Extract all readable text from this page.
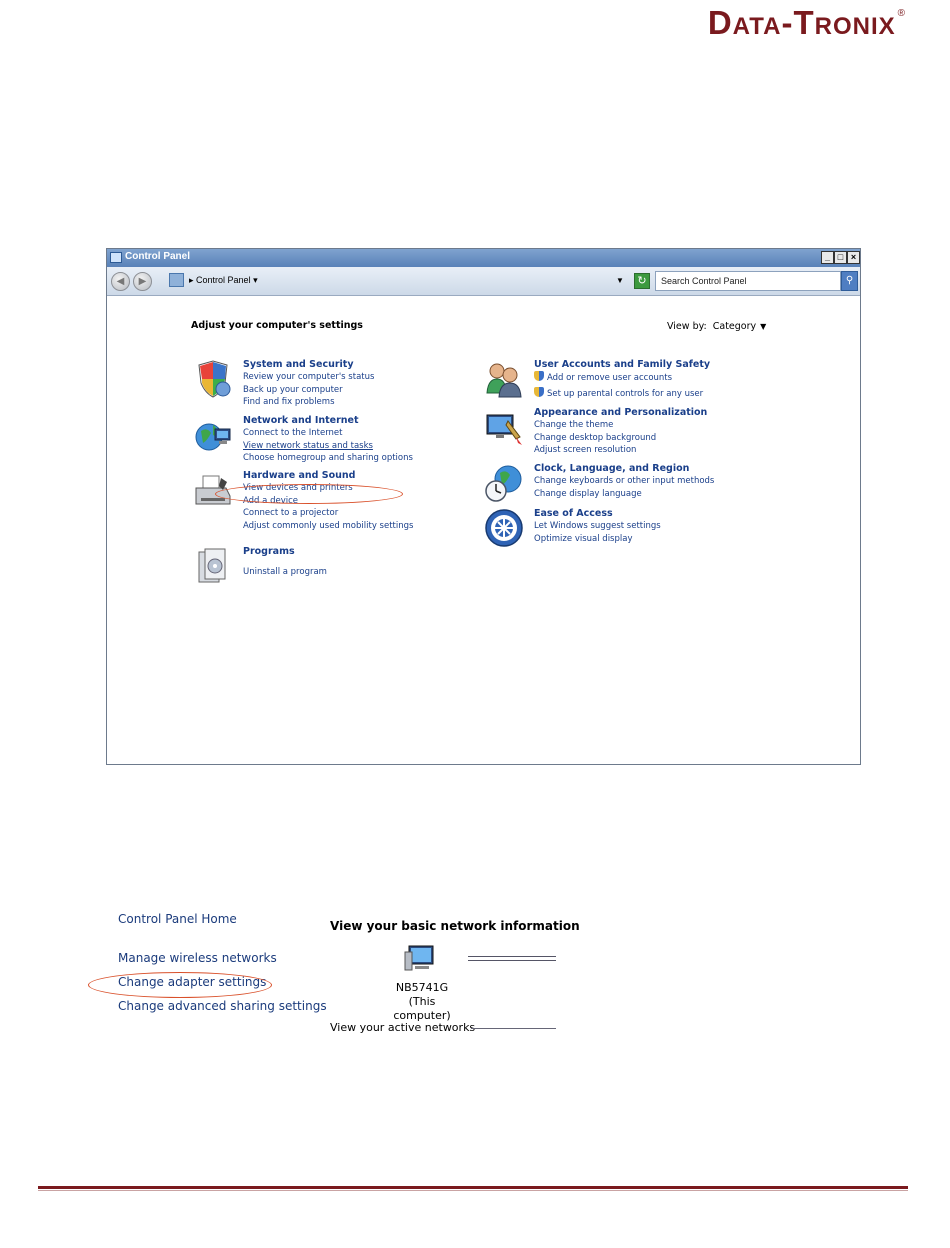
DATA-TRONIX ®
Control Panel	_ □ ×
◀	▶	▸ Control Panel ▾	▼	↻	Search Control Panel	⚲
Adjust your computer's settings	View by: Category ▼
System and Security
Review your computer's status
Back up your computer
Find and fix problems
Network and Internet
Connect to the Internet
View network status and tasks
Choose homegroup and sharing options
Hardware and Sound
View devices and printers
Add a device
Connect to a projector
Adjust commonly used mobility settings
Programs
Uninstall a program
User Accounts and Family Safety
Add or remove user accounts
Set up parental controls for any user
Appearance and Personalization
Change the theme
Change desktop background
Adjust screen resolution
Clock, Language, and Region
Change keyboards or other input methods
Change display language
Ease of Access
Let Windows suggest settings
Optimize visual display
Control Panel Home
Manage wireless networks
Change adapter settings
Change advanced sharing settings
View your basic network information
NB5741G
(This computer)
View your active networks
